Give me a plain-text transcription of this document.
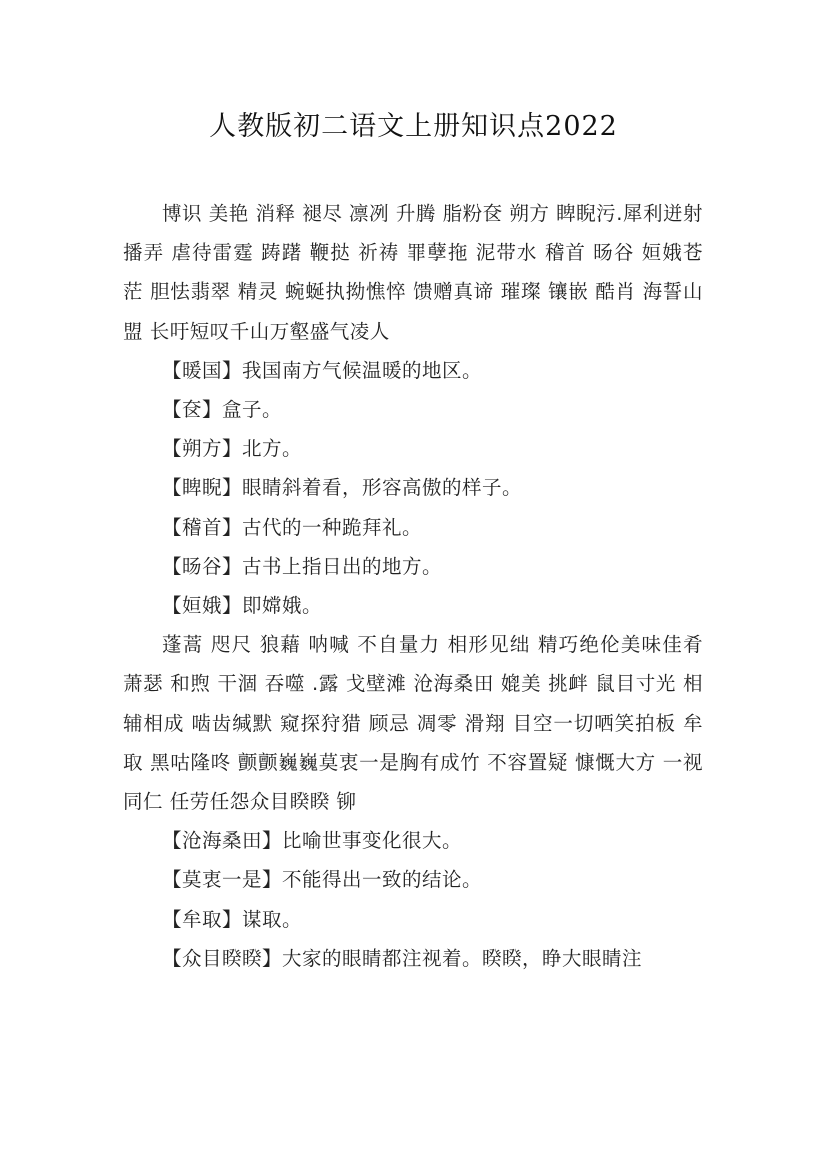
人教版初二语文上册知识点2022

博识 美艳 消释 褪尽 凛冽 升腾 脂粉奁 朔方 睥睨污.犀利迸射播弄 虐待雷霆 踌躇 鞭挞 祈祷 罪孽拖 泥带水 稽首 旸谷 姮娥苍茫 胆怯翡翠 精灵 蜿蜒执拗憔悴 馈赠真谛 璀璨 镶嵌 酷肖 海誓山盟 长吁短叹千山万壑盛气凌人

【暖国】我国南方气候温暖的地区。
【奁】盒子。
【朔方】北方。
【睥睨】眼睛斜着看，形容高傲的样子。
【稽首】古代的一种跪拜礼。
【旸谷】古书上指日出的地方。
【姮娥】即嫦娥。

蓬蒿 咫尺 狼藉 呐喊 不自量力 相形见绌 精巧绝伦美味佳肴 萧瑟 和煦 干涸 吞噬 .露 戈壁滩 沧海桑田 媲美 挑衅 鼠目寸光 相辅相成 啮齿缄默 窥探狩猎 顾忌 凋零 滑翔 目空一切哂笑拍板 牟取 黑咕隆咚 颤颤巍巍莫衷一是胸有成竹 不容置疑 慷慨大方 一视同仁 任劳任怨众目睽睽 铆

【沧海桑田】比喻世事变化很大。
【莫衷一是】不能得出一致的结论。
【牟取】谋取。
【众目睽睽】大家的眼睛都注视着。睽睽，睁大眼睛注
